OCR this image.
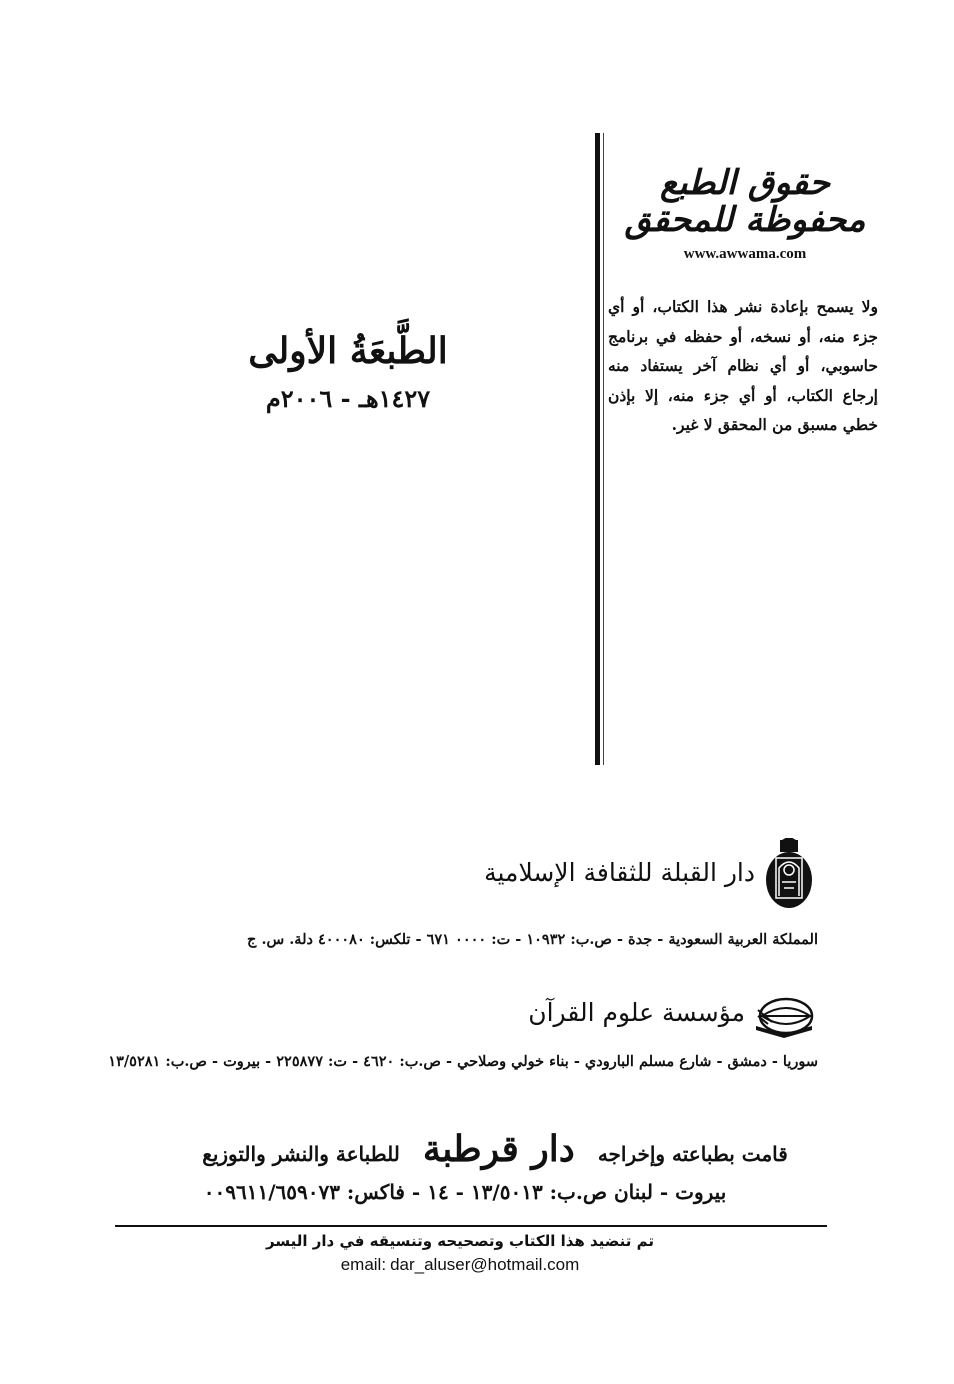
حقوق الطبع محفوظة للمحقق
www.awwama.com
ولا يسمح بإعادة نشر هذا الكتاب، أو أي جزء منه، أو نسخه، أو حفظه في برنامج حاسوبي، أو أي نظام آخر يستفاد منه إرجاع الكتاب، أو أي جزء منه، إلا بإذن خطي مسبق من المحقق لا غير.
الطَّبعَةُ الأولى
١٤٢٧هـ - ٢٠٠٦م
دار القبلة للثقافة الإسلامية
المملكة العربية السعودية - جدة - ص.ب: ١٠٩٣٢ - ت: ٠٠٠٠ ٦٧١ - تلكس: ٤٠٠٠٨٠ دلة. س. ج
مؤسسة علوم القرآن
سوريا - دمشق - شارع مسلم البارودي - بناء خولي وصلاحي - ص.ب: ٤٦٢٠ - ت: ٢٢٥٨٧٧ - بيروت - ص.ب: ١٣/٥٢٨١
قامت بطباعته وإخراجه دار قرطبة للطباعة والنشر والتوزيع
بيروت - لبنان ص.ب: ١٣/٥٠١٣ - ١٤ - فاكس: ٠٠٩٦١١/٦٥٩٠٧٣
تم تنضيد هذا الكتاب وتصحيحه وتنسيقه في دار اليسر
email: dar_aluser@hotmail.com
